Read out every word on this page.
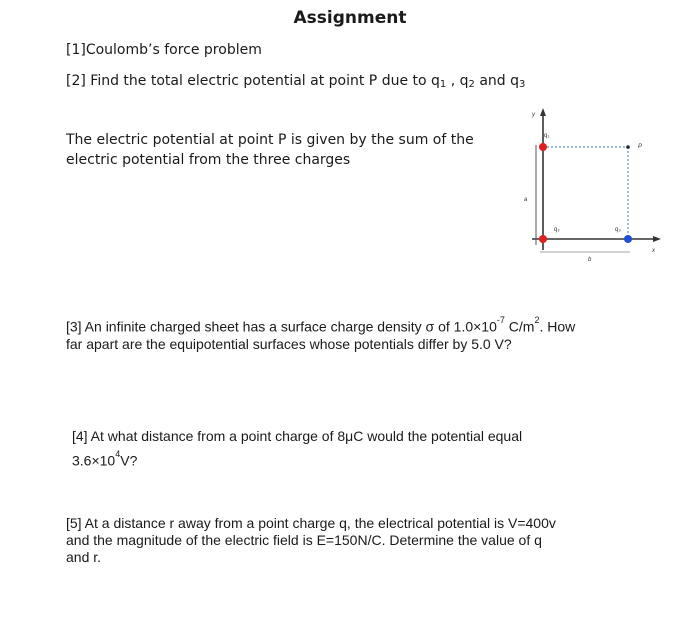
Assignment
[1]Coulomb’s force problem
[2] Find the total electric potential at point P due to $q_1$ , $q_2$ and $q_3$
The electric potential at point P is given by the sum of the
electric potential from the three charges
y
x
a
b
q₁
q₂	q₃
P
[3] An infinite charged sheet has a surface charge density σ of $1.0\times 10^{-7}$ $C/m^2$. How
far apart are the equipotential surfaces whose potentials differ by 5.0 V?
[4] At what distance from a point charge of 8μC would the potential equal
$3.6\times 10^4V$?
[5] At a distance r away from a point charge q, the electrical potential is V=400v
and the magnitude of the electric field is E=150N/C. Determine the value of q
and r.
